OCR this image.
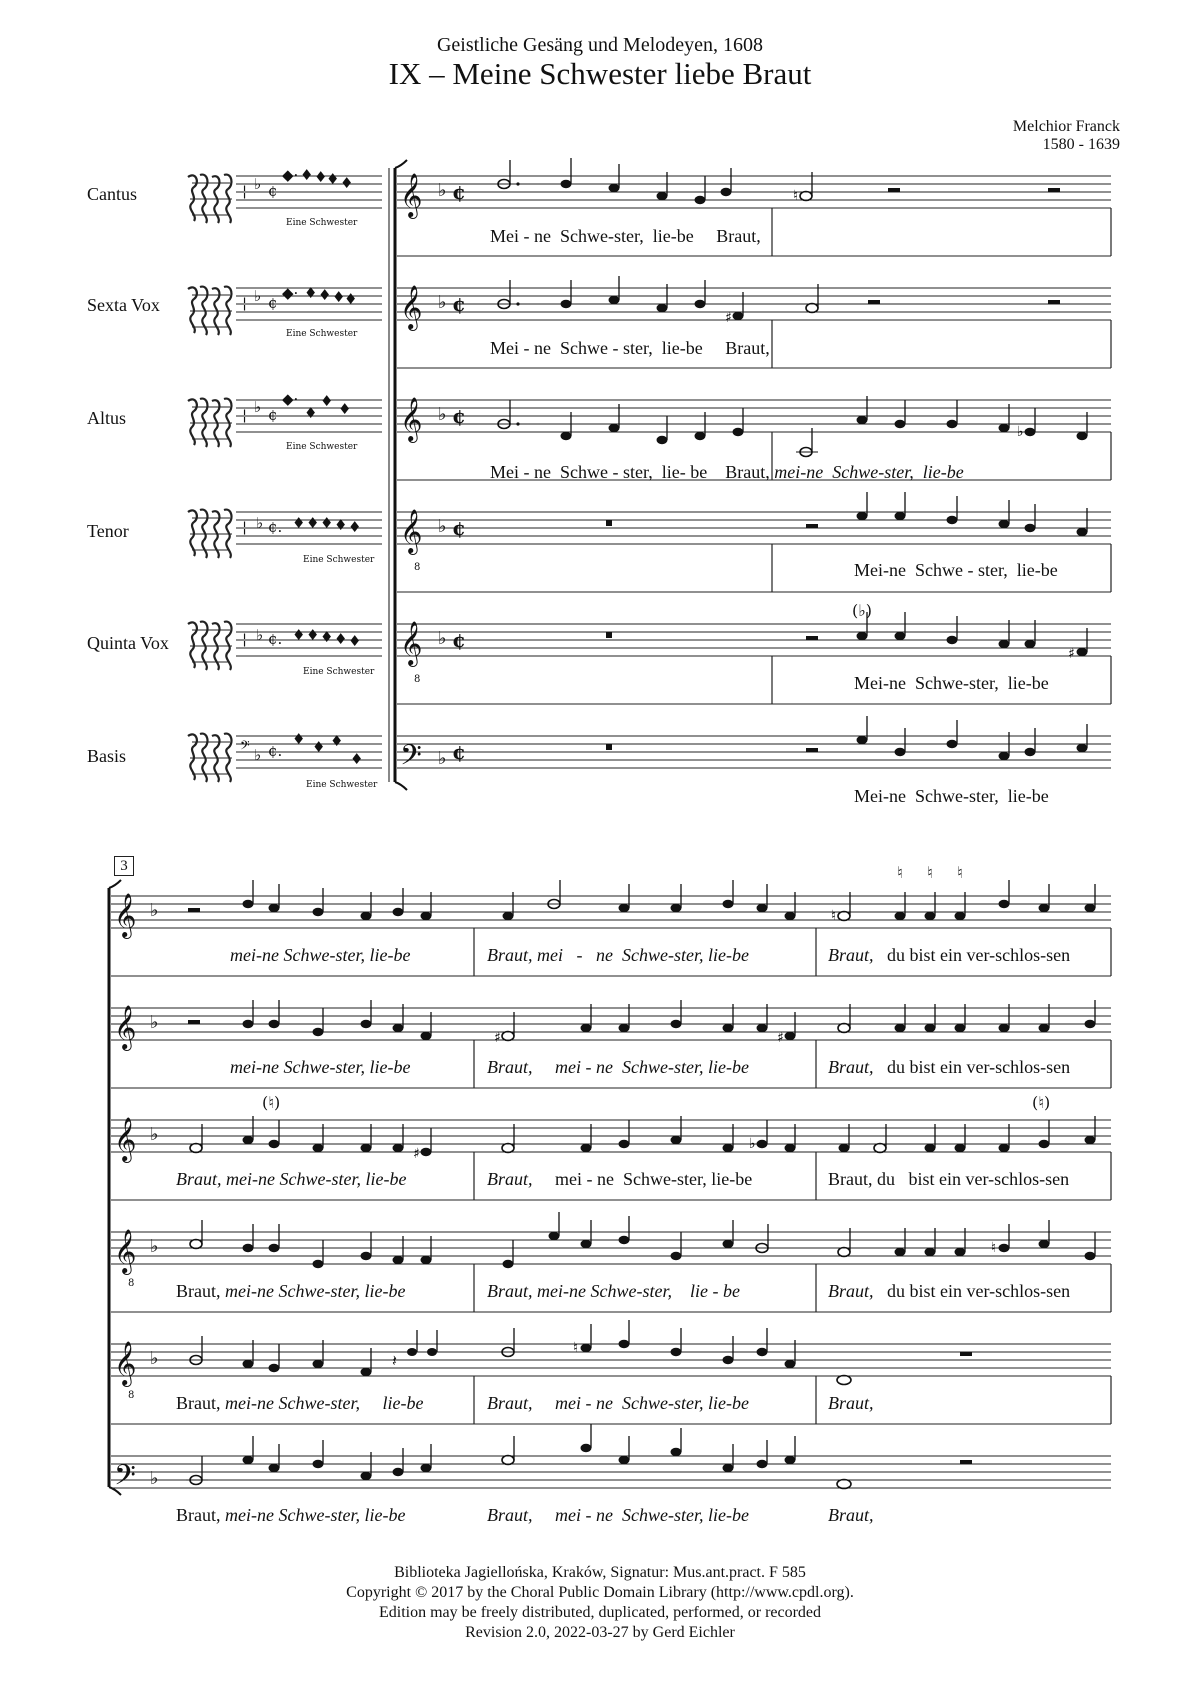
Geistliche Gesäng und Melodeyen, 1608
IX – Meine Schwester liebe Braut
Melchior Franck
1580 - 1639
Cantus
Sexta Vox
Altus
Tenor
Quinta Vox
Basis
Eine Schwester
Eine Schwester
Eine Schwester
Eine Schwester
Eine Schwester
Eine Schwester
3
¦ ♭ ¢
◆· ♦ ♦
♦ ♦
¦ ♭ ¢
◆· ♦ ♦ ♦
♦
¦ ♭ ¢
◆·
♦
♦ ♦
¦ ♭ ¢. ♦ ♦ ♦ ♦ ♦
¦ ♭ ¢. ♦ ♦ ♦ ♦ ♦
𝄢 ♭ ¢.
♦ ♦ ♦
♦
𝄞
𝄞
𝄞
𝄞
𝄞
𝄢
8
8
♭
♭
♭
♭
♭
♭
¢
¢
¢
¢
¢
¢
♮
♯
♭
♯
𝄞
𝄞
𝄞
𝄞
𝄞
𝄢
8
8
♭
♭
♭
♭
♭
♭
♮
♮ ♮ ♮
♯	♯
♯
♭
(♮)	(♮)
♮
𝄽
♮
(♭)
Mei - ne Schwe-ster, lie-be Braut,
Mei - ne Schwe - ster, lie-be Braut,
Mei - ne Schwe - ster, lie- be Braut, mei-ne Schwe-ster, lie-be
Mei-ne Schwe - ster, lie-be
Mei-ne Schwe-ster, lie-be
Mei-ne Schwe-ster, lie-be
mei-ne Schwe-ster, lie-be	Braut, mei - ne Schwe-ster, lie-be	Braut, du bist ein ver-schlos-sen
mei-ne Schwe-ster, lie-be	Braut, mei - ne Schwe-ster, lie-be	Braut, du bist ein ver-schlos-sen
Braut, mei-ne Schwe-ster, lie-be	Braut, mei - ne Schwe-ster, lie-be	Braut, du bist ein ver-schlos-sen
Braut, mei-ne Schwe-ster, lie-be	Braut, mei-ne Schwe-ster, lie - be	Braut, du bist ein ver-schlos-sen
Braut, mei-ne Schwe-ster, lie-be	Braut, mei - ne Schwe-ster, lie-be	Braut,
Braut, mei-ne Schwe-ster, lie-be	Braut, mei - ne Schwe-ster, lie-be	Braut,
Biblioteka Jagiellońska, Kraków, Signatur: Mus.ant.pract. F 585
Copyright © 2017 by the Choral Public Domain Library (http://www.cpdl.org).
Edition may be freely distributed, duplicated, performed, or recorded
Revision 2.0, 2022-03-27 by Gerd Eichler
